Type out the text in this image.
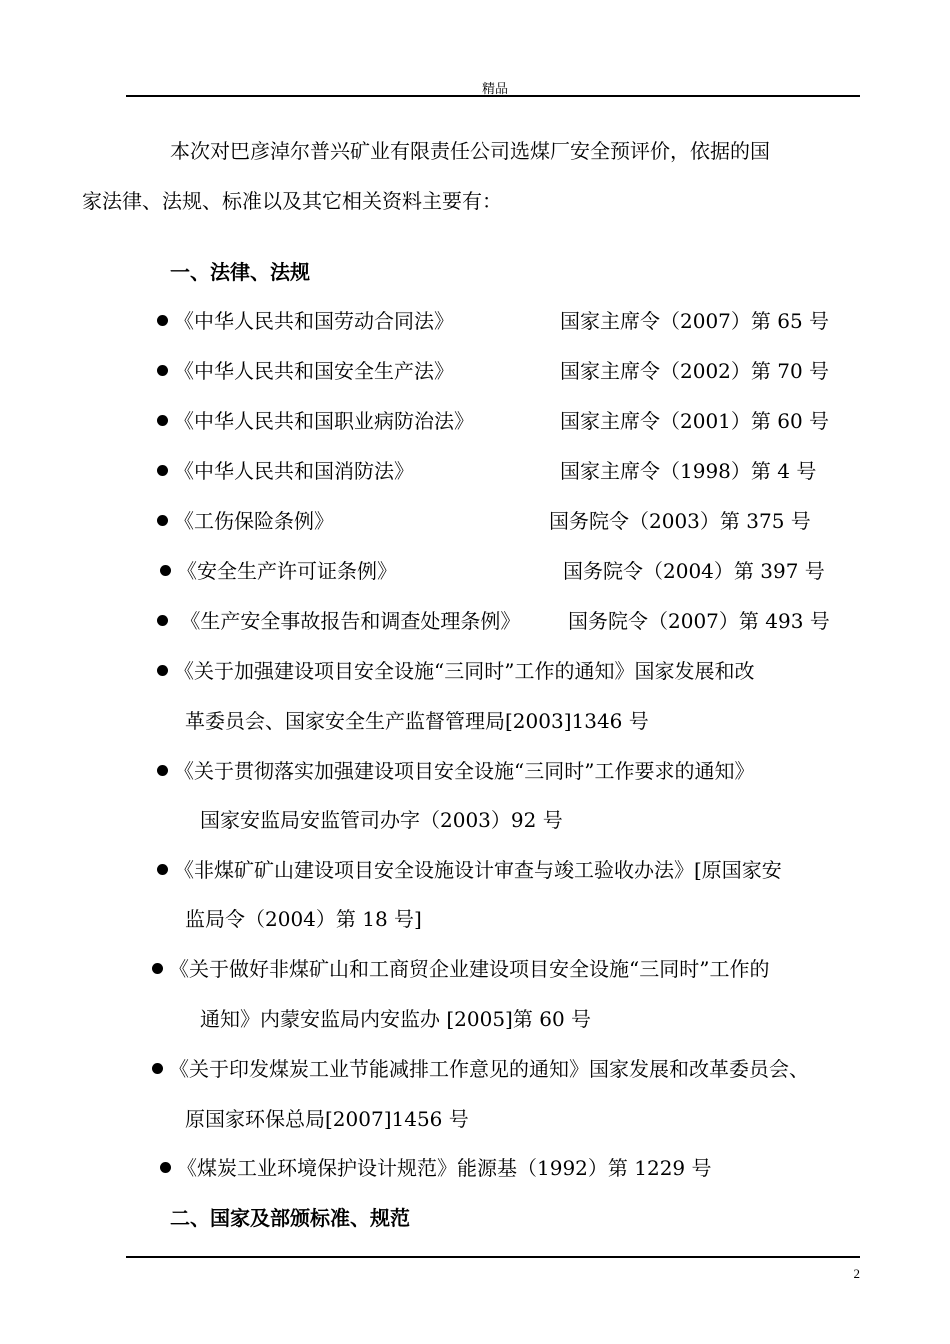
精品
本次对巴彦淖尔普兴矿业有限责任公司选煤厂安全预评价，依据的国
家法律、法规、标准以及其它相关资料主要有：
一、法律、法规
《中华人民共和国劳动合同法》	国家主席令（2007）第 65 号
《中华人民共和国安全生产法》	国家主席令（2002）第 70 号
《中华人民共和国职业病防治法》	国家主席令（2001）第 60 号
《中华人民共和国消防法》	国家主席令（1998）第 4 号
《工伤保险条例》	国务院令（2003）第 375 号
《安全生产许可证条例》	国务院令（2004）第 397 号
《生产安全事故报告和调查处理条例》 国务院令（2007）第 493 号
《关于加强建设项目安全设施“三同时”工作的通知》国家发展和改
革委员会、国家安全生产监督管理局[2003]1346 号
《关于贯彻落实加强建设项目安全设施“三同时”工作要求的通知》
国家安监局安监管司办字（2003）92 号
《非煤矿矿山建设项目安全设施设计审查与竣工验收办法》[原国家安
监局令（2004）第 18 号]
《关于做好非煤矿山和工商贸企业建设项目安全设施“三同时”工作的
通知》内蒙安监局内安监办 [2005]第 60 号
《关于印发煤炭工业节能减排工作意见的通知》国家发展和改革委员会、
原国家环保总局[2007]1456 号
《煤炭工业环境保护设计规范》能源基（1992）第 1229 号
二、国家及部颁标准、规范
2
